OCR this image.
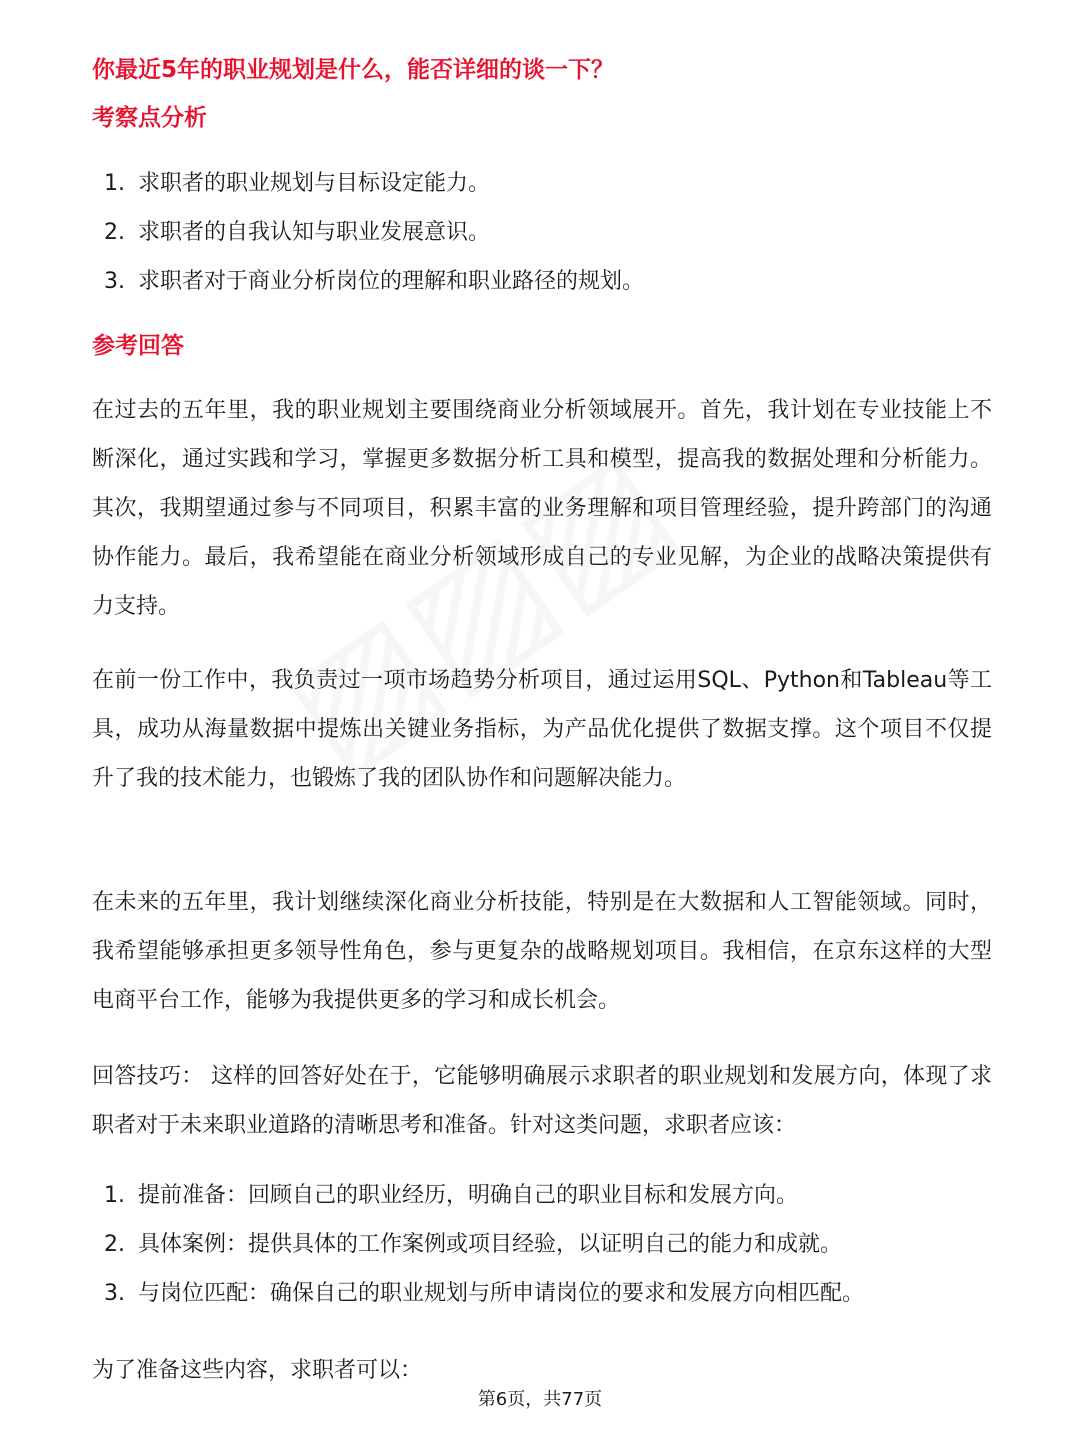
你最近5年的职业规划是什么，能否详细的谈一下？
考察点分析
1. 求职者的职业规划与目标设定能力。
2. 求职者的自我认知与职业发展意识。
3. 求职者对于商业分析岗位的理解和职业路径的规划。
参考回答

在过去的五年里，我的职业规划主要围绕商业分析领域展开。首先，我计划在专业技能上不断深化，通过实践和学习，掌握更多数据分析工具和模型，提高我的数据处理和分析能力。其次，我期望通过参与不同项目，积累丰富的业务理解和项目管理经验，提升跨部门的沟通协作能力。最后，我希望能在商业分析领域形成自己的专业见解，为企业的战略决策提供有力支持。

在前一份工作中，我负责过一项市场趋势分析项目，通过运用SQL、Python和Tableau等工具，成功从海量数据中提炼出关键业务指标，为产品优化提供了数据支撑。这个项目不仅提升了我的技术能力，也锻炼了我的团队协作和问题解决能力。

在未来的五年里，我计划继续深化商业分析技能，特别是在大数据和人工智能领域。同时，我希望能够承担更多领导性角色，参与更复杂的战略规划项目。我相信，在京东这样的大型电商平台工作，能够为我提供更多的学习和成长机会。

回答技巧： 这样的回答好处在于，它能够明确展示求职者的职业规划和发展方向，体现了求职者对于未来职业道路的清晰思考和准备。针对这类问题，求职者应该：

1. 提前准备：回顾自己的职业经历，明确自己的职业目标和发展方向。
2. 具体案例：提供具体的工作案例或项目经验，以证明自己的能力和成就。
3. 与岗位匹配：确保自己的职业规划与所申请岗位的要求和发展方向相匹配。

为了准备这些内容，求职者可以：

第6页，共77页
